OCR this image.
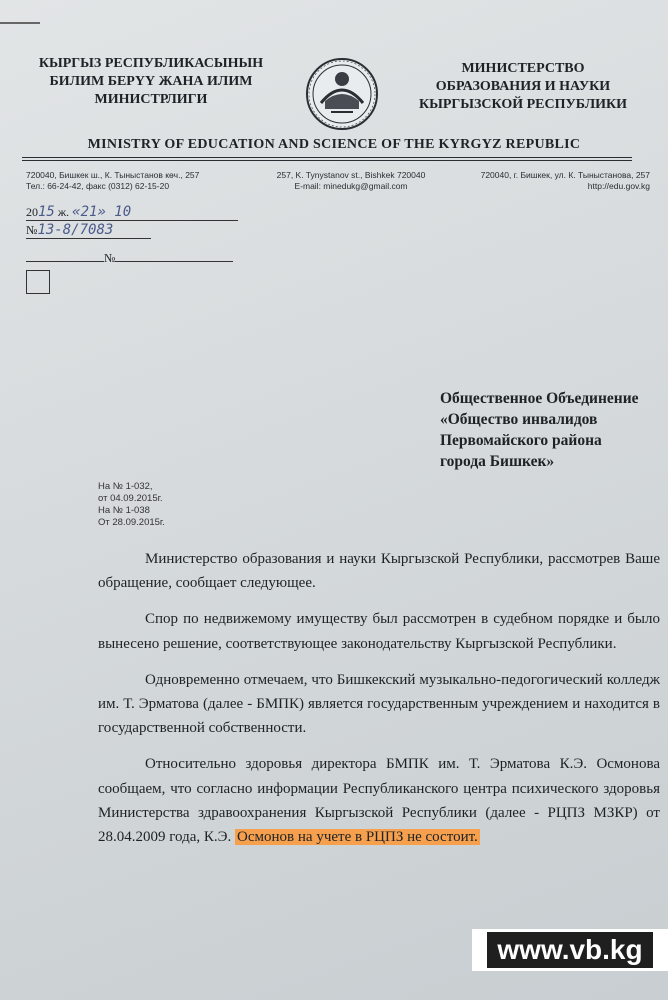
КЫРГЫЗ РЕСПУБЛИКАСЫНЫН
БИЛИМ БЕРҮҮ ЖАНА ИЛИМ
МИНИСТРЛИГИ
МИНИСТЕРСТВО
ОБРАЗОВАНИЯ И НАУКИ
КЫРГЫЗСКОЙ РЕСПУБЛИКИ
MINISTRY OF EDUCATION AND SCIENCE OF THE KYRGYZ REPUBLIC
720040, Бишкек ш., К. Тыныстанов көч., 257
Тел.: 66-24-42, факс (0312) 62-15-20
257, K. Tynystanov st., Bishkek 720040
E-mail: minedukg@gmail.com
720040, г. Бишкек, ул. К. Тыныстанова, 257
http://edu.gov.kg
2015 ж. «21» 10
№13-8/7083
№
Общественное Объединение
«Общество инвалидов
Первомайского района
города Бишкек»
На № 1-032,
от 04.09.2015г.
На № 1-038
От 28.09.2015г.

Министерство образования и науки Кыргызской Республики, рассмотрев Ваше обращение, сообщает следующее.

Спор по недвижемому имуществу был рассмотрен в судебном порядке и было вынесено решение, соответствующее законодательству Кыргызской Республики.

Одновременно отмечаем, что Бишкекский музыкально-педогогический колледж им. Т. Эрматова (далее - БМПК) является государственным учреждением и находится в государственной собственности.

Относительно здоровья директора БМПК им. Т. Эрматова К.Э. Осмонова сообщаем, что согласно информации Республиканского центра психического здоровья Министерства здравоохранения Кыргызской Республики (далее - РЦПЗ МЗКР) от 28.04.2009 года, К.Э. Осмонов на учете в РЦПЗ не состоит.

www.vb.kg
